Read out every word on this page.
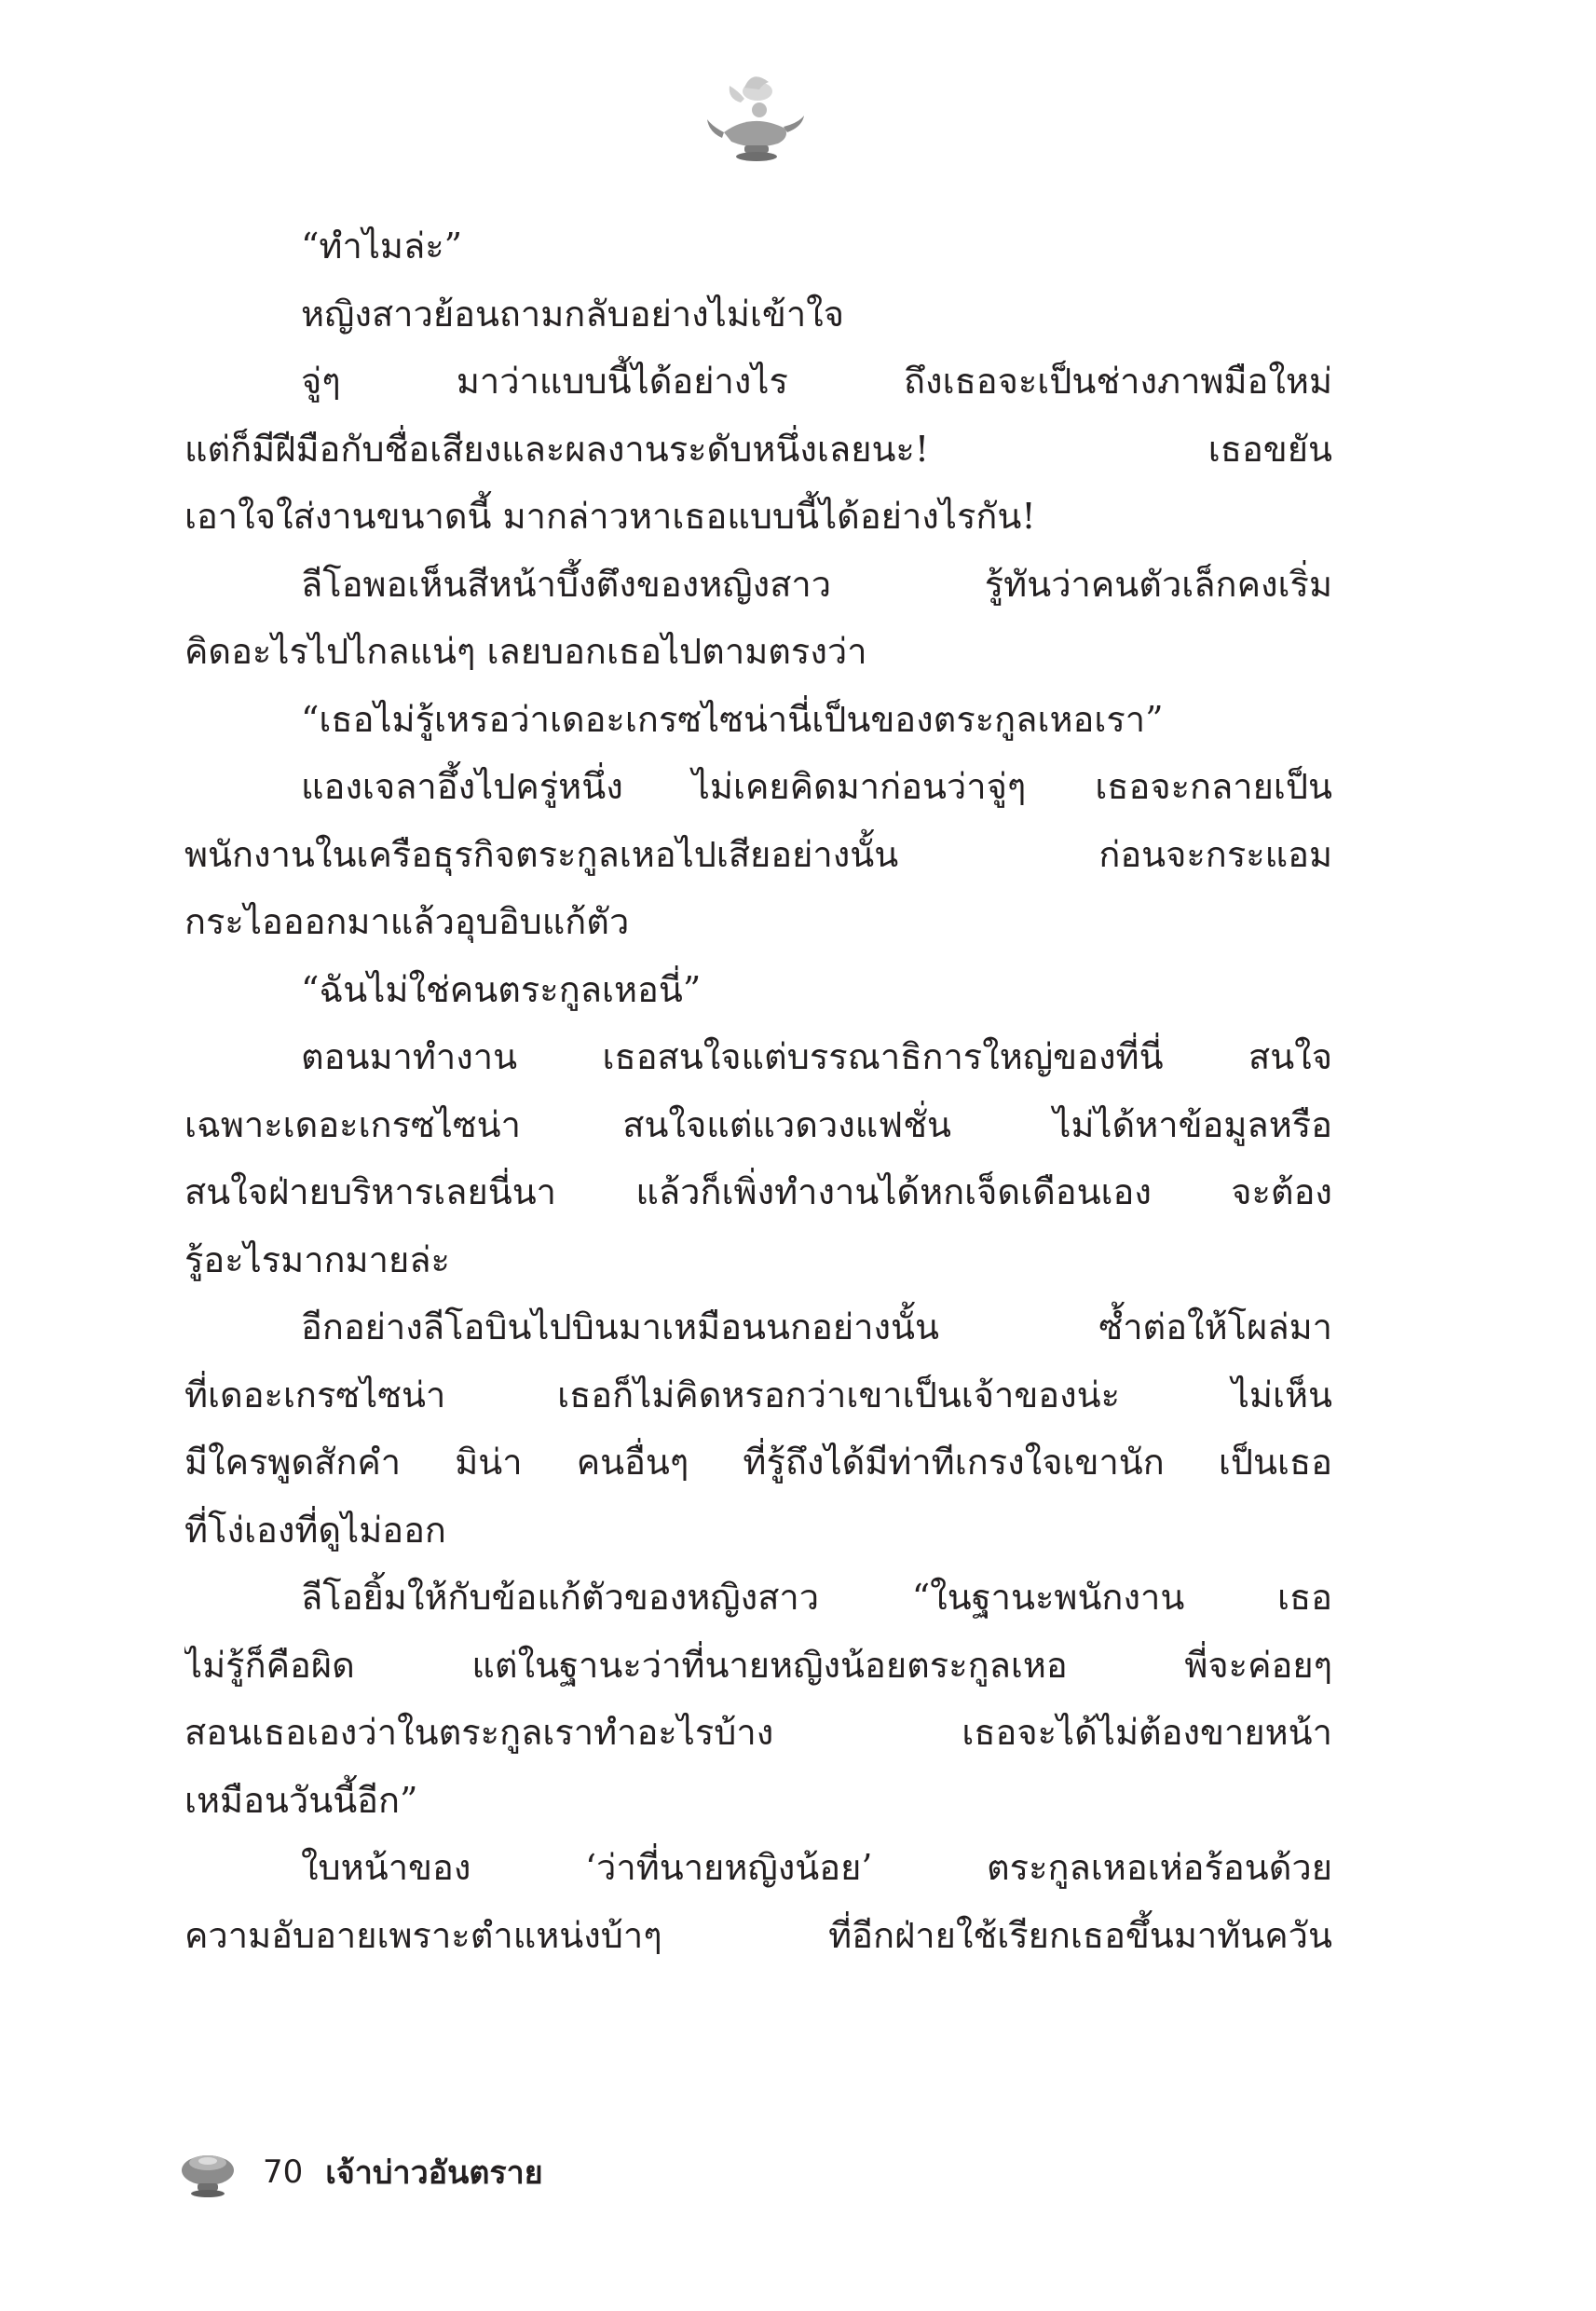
“ทำไมล่ะ”
หญิงสาวย้อนถามกลับอย่างไม่เข้าใจ
จู่ๆ มาว่าแบบนี้ได้อย่างไร ถึงเธอจะเป็นช่างภาพมือใหม่
แต่ก็มีฝีมือกับชื่อเสียงและผลงานระดับหนึ่งเลยนะ! เธอขยัน
เอาใจใส่งานขนาดนี้ มากล่าวหาเธอแบบนี้ได้อย่างไรกัน!
ลีโอพอเห็นสีหน้าบึ้งตึงของหญิงสาว รู้ทันว่าคนตัวเล็กคงเริ่ม
คิดอะไรไปไกลแน่ๆ เลยบอกเธอไปตามตรงว่า
“เธอไม่รู้เหรอว่าเดอะเกรซไซน่านี่เป็นของตระกูลเหอเรา”
แองเจลาอึ้งไปครู่หนึ่ง ไม่เคยคิดมาก่อนว่าจู่ๆ เธอจะกลายเป็น
พนักงานในเครือธุรกิจตระกูลเหอไปเสียอย่างนั้น ก่อนจะกระแอม
กระไอออกมาแล้วอุบอิบแก้ตัว
“ฉันไม่ใช่คนตระกูลเหอนี่”
ตอนมาทำงาน เธอสนใจแต่บรรณาธิการใหญ่ของที่นี่ สนใจ
เฉพาะเดอะเกรซไซน่า สนใจแต่แวดวงแฟชั่น ไม่ได้หาข้อมูลหรือ
สนใจฝ่ายบริหารเลยนี่นา แล้วก็เพิ่งทำงานได้หกเจ็ดเดือนเอง จะต้อง
รู้อะไรมากมายล่ะ
อีกอย่างลีโอบินไปบินมาเหมือนนกอย่างนั้น ซ้ำต่อให้โผล่มา
ที่เดอะเกรซไซน่า เธอก็ไม่คิดหรอกว่าเขาเป็นเจ้าของน่ะ ไม่เห็น
มีใครพูดสักคำ มิน่า คนอื่นๆ ที่รู้ถึงได้มีท่าทีเกรงใจเขานัก เป็นเธอ
ที่โง่เองที่ดูไม่ออก
ลีโอยิ้มให้กับข้อแก้ตัวของหญิงสาว “ในฐานะพนักงาน เธอ
ไม่รู้ก็คือผิด แต่ในฐานะว่าที่นายหญิงน้อยตระกูลเหอ พี่จะค่อยๆ
สอนเธอเองว่าในตระกูลเราทำอะไรบ้าง เธอจะได้ไม่ต้องขายหน้า
เหมือนวันนี้อีก”
ใบหน้าของ ‘ว่าที่นายหญิงน้อย’ ตระกูลเหอเห่อร้อนด้วย
ความอับอายเพราะตำแหน่งบ้าๆ ที่อีกฝ่ายใช้เรียกเธอขึ้นมาทันควัน
70 เจ้าบ่าวอันตราย
